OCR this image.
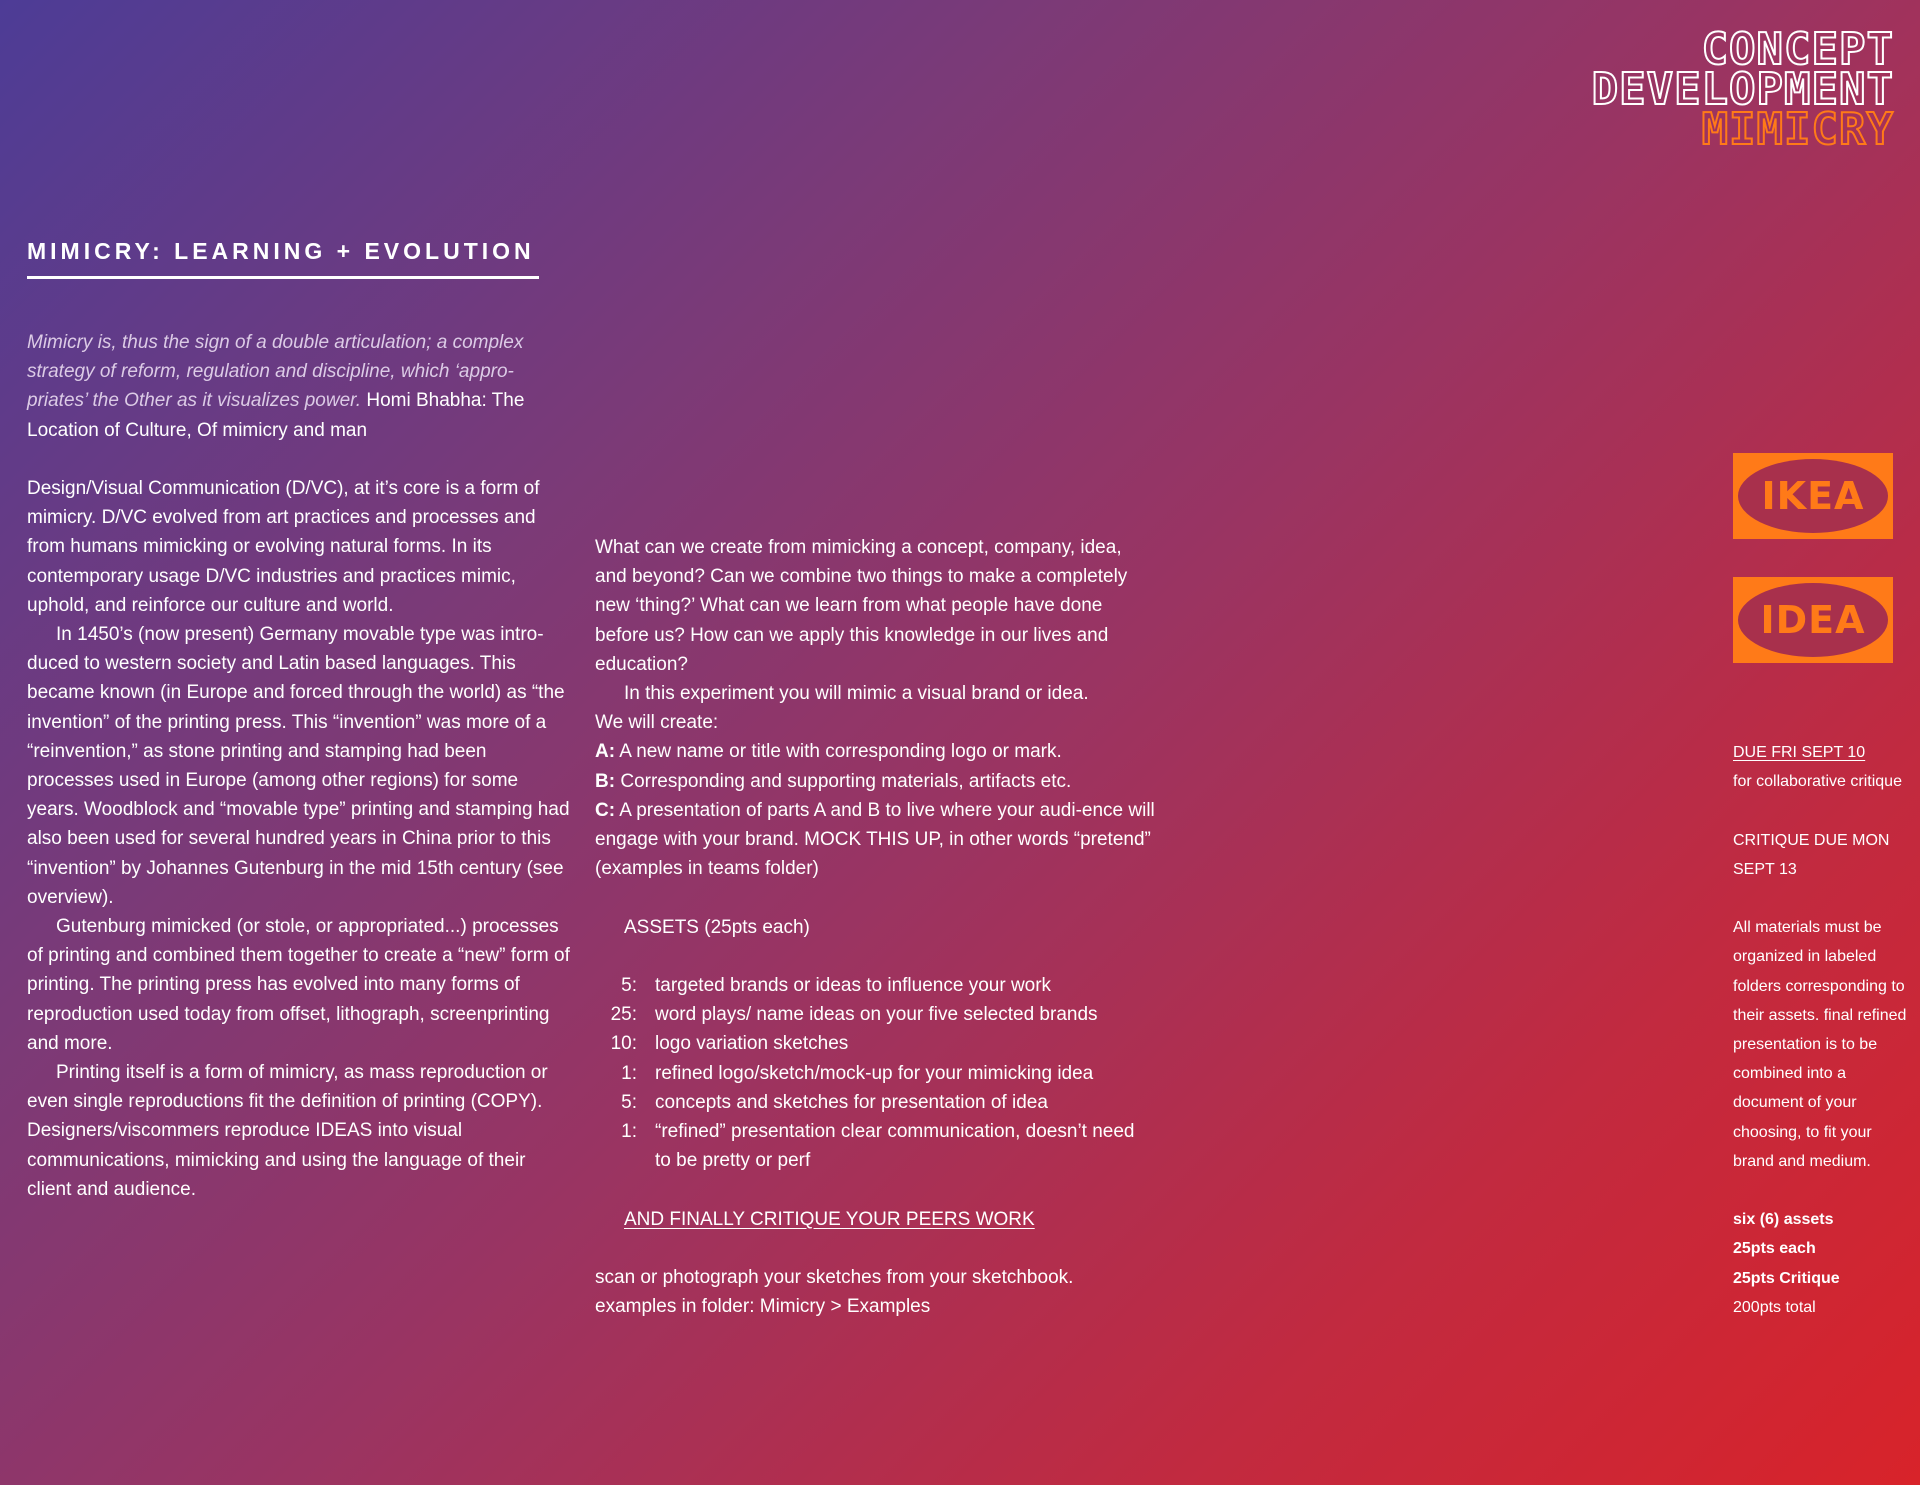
CONCEPT
DEVELOPMENT
MIMICRY
MIMICRY: LEARNING + EVOLUTION

Mimicry is, thus the sign of a double articulation; a complex strategy of reform, regulation and discipline, which ‘appro-priates’ the Other as it visualizes power. Homi Bhabha: The Location of Culture, Of mimicry and man

Design/Visual Communication (D/VC), at it’s core is a form of mimicry. D/VC evolved from art practices and processes and from humans mimicking or evolving natural forms. In its contemporary usage D/VC industries and practices mimic, uphold, and reinforce our culture and world.

In 1450’s (now present) Germany movable type was intro-duced to western society and Latin based languages. This became known (in Europe and forced through the world) as “the invention” of the printing press. This “invention” was more of a “reinvention,” as stone printing and stamping had been processes used in Europe (among other regions) for some years. Woodblock and “movable type” printing and stamping had also been used for several hundred years in China prior to this “invention” by Johannes Gutenburg in the mid 15th century (see overview).

Gutenburg mimicked (or stole, or appropriated...) processes of printing and combined them together to create a “new” form of printing. The printing press has evolved into many forms of reproduction used today from offset, lithograph, screenprinting and more.

Printing itself is a form of mimicry, as mass reproduction or even single reproductions fit the definition of printing (COPY). Designers/viscommers reproduce IDEAS into visual communications, mimicking and using the language of their client and audience.

What can we create from mimicking a concept, company, idea, and beyond? Can we combine two things to make a completely new ‘thing?’ What can we learn from what people have done before us? How can we apply this knowledge in our lives and education?

In this experiment you will mimic a visual brand or idea.

We will create:

A: A new name or title with corresponding logo or mark.

B: Corresponding and supporting materials, artifacts etc.

C: A presentation of parts A and B to live where your audi-ence will engage with your brand. MOCK THIS UP, in other words “pretend” (examples in teams folder)

ASSETS (25pts each)

5: targeted brands or ideas to influence your work
25: word plays/ name ideas on your five selected brands
10: logo variation sketches
1: refined logo/sketch/mock-up for your mimicking idea
5: concepts and sketches for presentation of idea
1: “refined” presentation clear communication, doesn’t need to be pretty or perf

AND FINALLY CRITIQUE YOUR PEERS WORK

scan or photograph your sketches from your sketchbook.

examples in folder: Mimicry > Examples

IKEA
IDEA

DUE FRI SEPT 10

for collaborative critique

CRITIQUE DUE MON SEPT 13

All materials must be organized in labeled folders corresponding to their assets. final refined presentation is to be combined into a document of your choosing, to fit your brand and medium.

six (6) assets

25pts each

25pts Critique

200pts total
